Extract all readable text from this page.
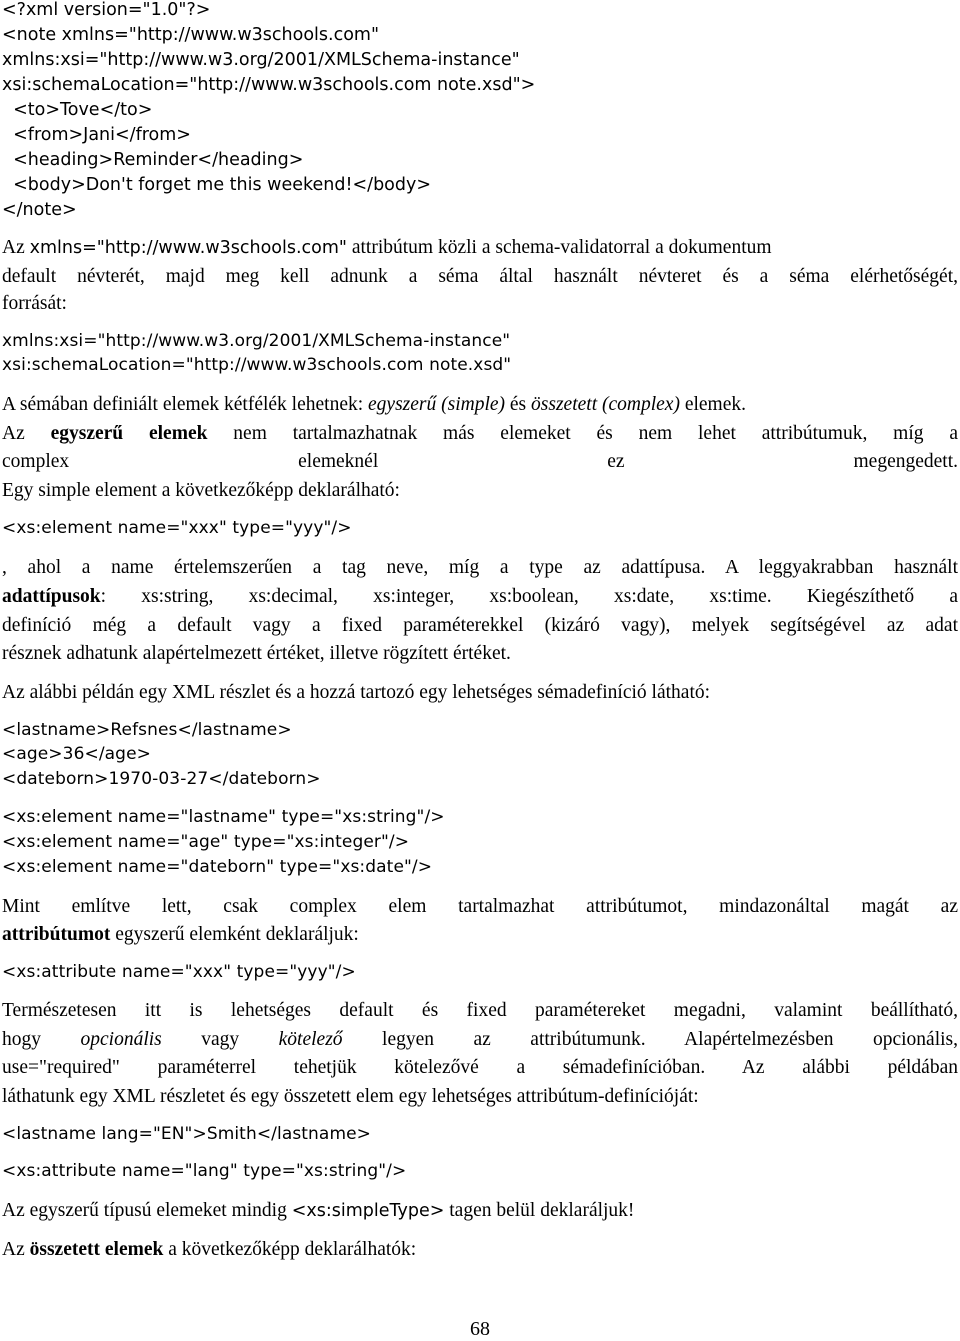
<?xml version="1.0"?>
<note xmlns="http://www.w3schools.com"
xmlns:xsi="http://www.w3.org/2001/XMLSchema-instance"
xsi:schemaLocation="http://www.w3schools.com note.xsd">
<to>Tove</to>
<from>Jani</from>
<heading>Reminder</heading>
<body>Don't forget me this weekend!</body>
</note>
Az xmlns="http://www.w3schools.com" attribútum közli a schema-validatorral a dokumentum
default névterét, majd meg kell adnunk a séma által használt névteret és a séma elérhetőségét,
forrását:
xmlns:xsi="http://www.w3.org/2001/XMLSchema-instance"
xsi:schemaLocation="http://www.w3schools.com note.xsd"
A sémában definiált elemek kétfélék lehetnek: egyszerű (simple) és összetett (complex) elemek.
Az egyszerű elemek nem tartalmazhatnak más elemeket és nem lehet attribútumuk, míg a
complex elemeknél ez megengedett.
Egy simple element a következőképp deklarálható:
<xs:element name="xxx" type="yyy"/>
, ahol a name értelemszerűen a tag neve, míg a type az adattípusa. A leggyakrabban használt
adattípusok: xs:string, xs:decimal, xs:integer, xs:boolean, xs:date, xs:time. Kiegészíthető a
definíció még a default vagy a fixed paraméterekkel (kizáró vagy), melyek segítségével az adat
résznek adhatunk alapértelmezett értéket, illetve rögzített értéket.
Az alábbi példán egy XML részlet és a hozzá tartozó egy lehetséges sémadefiníció látható:
<lastname>Refsnes</lastname>
<age>36</age>
<dateborn>1970-03-27</dateborn>
<xs:element name="lastname" type="xs:string"/>
<xs:element name="age" type="xs:integer"/>
<xs:element name="dateborn" type="xs:date"/>
Mint említve lett, csak complex elem tartalmazhat attribútumot, mindazonáltal magát az
attribútumot egyszerű elemként deklaráljuk:
<xs:attribute name="xxx" type="yyy"/>
Természetesen itt is lehetséges default és fixed paramétereket megadni, valamint beállítható,
hogy opcionális vagy kötelező legyen az attribútumunk. Alapértelmezésben opcionális,
use="required" paraméterrel tehetjük kötelezővé a sémadefinícióban. Az alábbi példában
láthatunk egy XML részletet és egy összetett elem egy lehetséges attribútum-definícióját:
<lastname lang="EN">Smith</lastname>
<xs:attribute name="lang" type="xs:string"/>
Az egyszerű típusú elemeket mindig <xs:simpleType> tagen belül deklaráljuk!
Az összetett elemek a következőképp deklarálhatók:
68
